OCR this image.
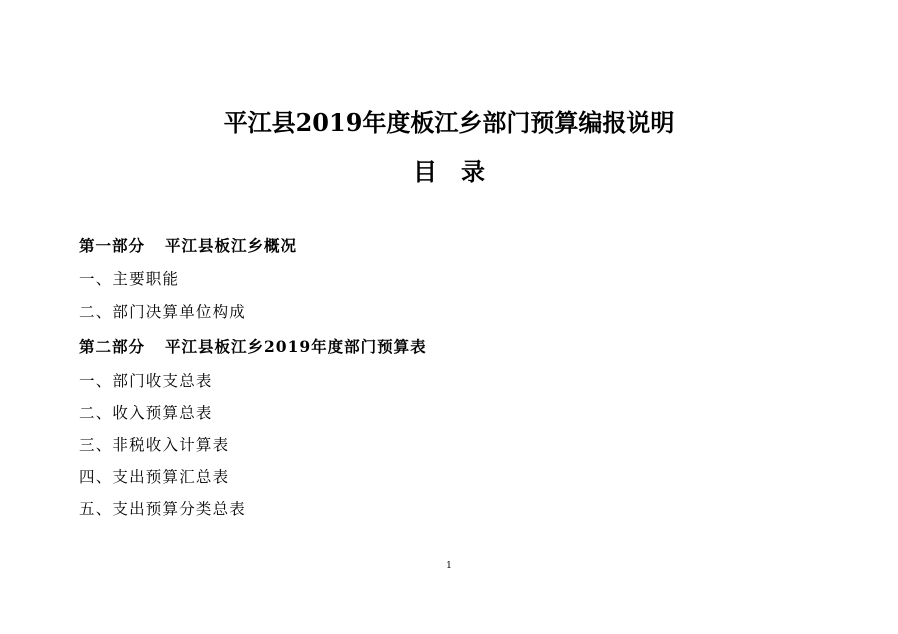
平江县2019年度板江乡部门预算编报说明
目 录
第一部分 平江县板江乡概况
一、主要职能
二、部门决算单位构成
第二部分 平江县板江乡2019年度部门预算表
一、部门收支总表
二、收入预算总表
三、非税收入计算表
四、支出预算汇总表
五、支出预算分类总表
1
